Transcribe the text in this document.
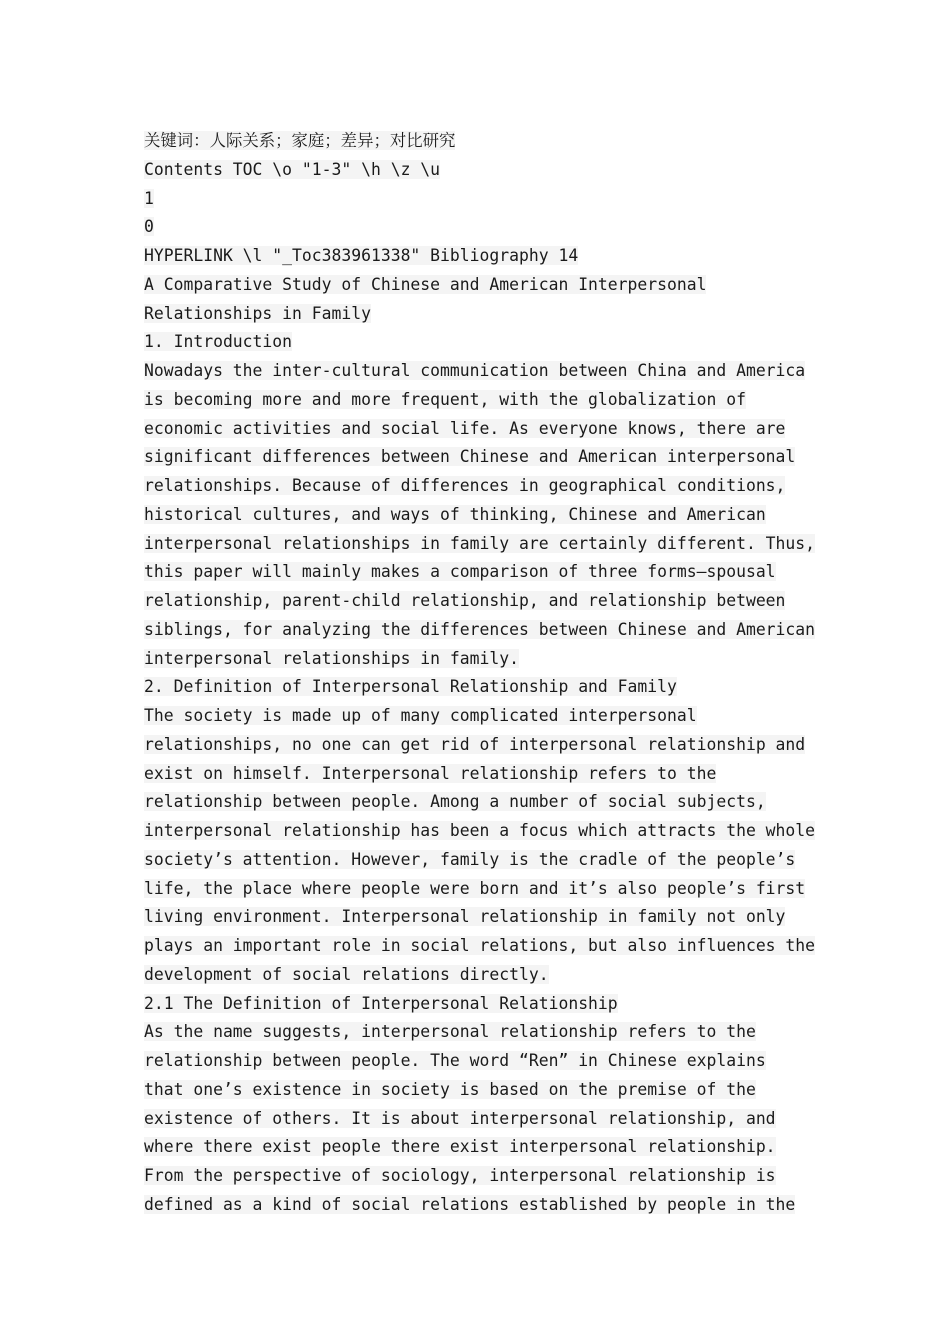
关键词：人际关系；家庭；差异；对比研究
Contents TOC \o "1-3" \h \z \u
1
0
HYPERLINK \l "_Toc383961338" Bibliography 14
A Comparative Study of Chinese and American Interpersonal
Relationships in Family
1. Introduction
Nowadays the inter-cultural communication between China and America
is becoming more and more frequent, with the globalization of
economic activities and social life. As everyone knows, there are
significant differences between Chinese and American interpersonal
relationships. Because of differences in geographical conditions,
historical cultures, and ways of thinking, Chinese and American
interpersonal relationships in family are certainly different. Thus,
this paper will mainly makes a comparison of three forms—spousal
relationship, parent-child relationship, and relationship between
siblings, for analyzing the differences between Chinese and American
interpersonal relationships in family.
2. Definition of Interpersonal Relationship and Family
The society is made up of many complicated interpersonal
relationships, no one can get rid of interpersonal relationship and
exist on himself. Interpersonal relationship refers to the
relationship between people. Among a number of social subjects,
interpersonal relationship has been a focus which attracts the whole
society’s attention. However, family is the cradle of the people’s
life, the place where people were born and it’s also people’s first
living environment. Interpersonal relationship in family not only
plays an important role in social relations, but also influences the
development of social relations directly.
2.1 The Definition of Interpersonal Relationship
As the name suggests, interpersonal relationship refers to the
relationship between people. The word “Ren” in Chinese explains
that one’s existence in society is based on the premise of the
existence of others. It is about interpersonal relationship, and
where there exist people there exist interpersonal relationship.
From the perspective of sociology, interpersonal relationship is
defined as a kind of social relations established by people in the
